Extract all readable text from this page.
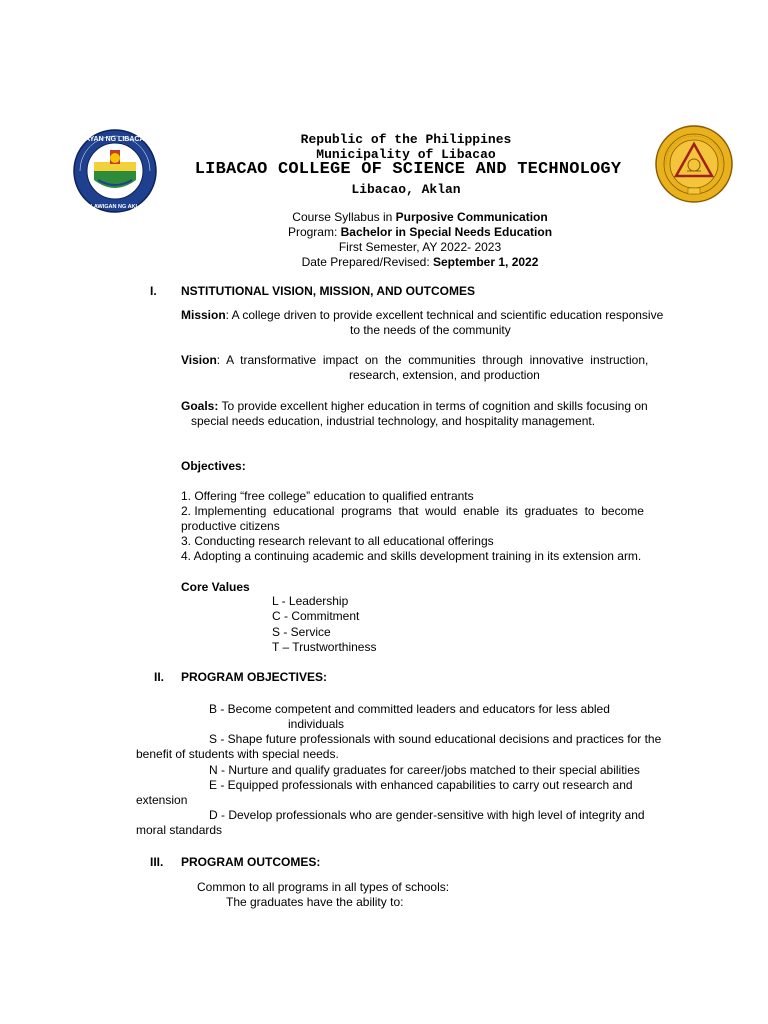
BAYAN NG LIBACAO
LALAWIGAN NG AKLAN
Republic of the Philippines
Municipality of Libacao
LIBACAO COLLEGE OF SCIENCE AND TECHNOLOGY
Libacao, Aklan
Course Syllabus in Purposive Communication
Program: Bachelor in Special Needs Education
First Semester, AY 2022- 2023
Date Prepared/Revised: September 1, 2022
I. NSTITUTIONAL VISION, MISSION, AND OUTCOMES
Mission: A college driven to provide excellent technical and scientific education responsive
to the needs of the community
Vision:  A  transformative  impact  on  the  communities  through  innovative  instruction,
research, extension, and production
Goals: To provide excellent higher education in terms of cognition and skills focusing on
special needs education, industrial technology, and hospitality management.
Objectives:
1. Offering “free college” education to qualified entrants
2. Implementing  educational  programs  that  would  enable  its  graduates  to  become
productive citizens
3. Conducting research relevant to all educational offerings
4. Adopting a continuing academic and skills development training in its extension arm.
Core Values
L - Leadership
C - Commitment
S - Service
T – Trustworthiness
II. PROGRAM OBJECTIVES:
B - Become competent and committed leaders and educators for less abled
individuals
S - Shape future professionals with sound educational decisions and practices for the
benefit of students with special needs.
N - Nurture and qualify graduates for career/jobs matched to their special abilities
E - Equipped professionals with enhanced capabilities to carry out research and
extension
D - Develop professionals who are gender-sensitive with high level of integrity and
moral standards
III. PROGRAM OUTCOMES:
Common to all programs in all types of schools:
The graduates have the ability to:
